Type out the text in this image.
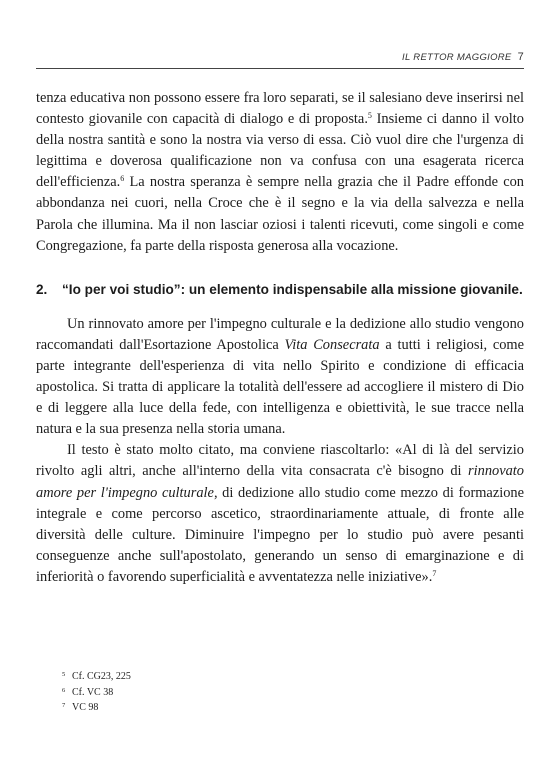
IL RETTOR MAGGIORE 7

tenza educativa non possono essere fra loro separati, se il salesiano deve inserirsi nel contesto giovanile con capacità di dialogo e di proposta.$^5$ Insieme ci danno il volto della nostra santità e sono la nostra via verso di essa. Ciò vuol dire che l'urgenza di legittima e doverosa qualificazione non va confusa con una esagerata ricerca dell'efficienza.$^6$ La nostra speranza è sempre nella grazia che il Padre effonde con abbondanza nei cuori, nella Croce che è il segno e la via della salvezza e nella Parola che illumina. Ma il non lasciar oziosi i talenti ricevuti, come singoli e come Congregazione, fa parte della risposta generosa alla vocazione.

2. “Io per voi studio”: un elemento indispensabile alla missione giovanile.

Un rinnovato amore per l'impegno culturale e la dedizione allo studio vengono raccomandati dall'Esortazione Apostolica Vita Consecrata a tutti i religiosi, come parte integrante dell'esperienza di vita nello Spirito e condizione di efficacia apostolica. Si tratta di applicare la totalità dell'essere ad accogliere il mistero di Dio e di leggere alla luce della fede, con intelligenza e obiettività, le sue tracce nella natura e la sua presenza nella storia umana.

Il testo è stato molto citato, ma conviene riascoltarlo: «Al di là del servizio rivolto agli altri, anche all'interno della vita consacrata c'è bisogno di rinnovato amore per l'impegno culturale, di dedizione allo studio come mezzo di formazione integrale e come percorso ascetico, straordinariamente attuale, di fronte alle diversità delle culture. Diminuire l'impegno per lo studio può avere pesanti conseguenze anche sull'apostolato, generando un senso di emarginazione e di inferiorità o favorendo superficialità e avventatezza nelle iniziative».$^7$

5 Cf. CG23, 225
6 Cf. VC 38
7 VC 98
